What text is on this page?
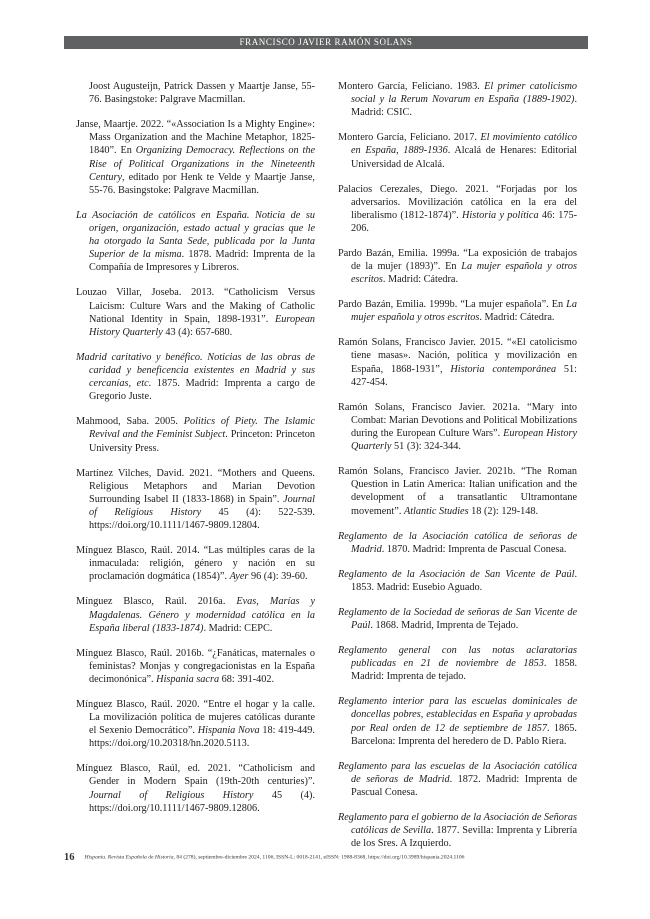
FRANCISCO JAVIER RAMÓN SOLANS

Joost Augusteijn, Patrick Dassen y Maartje Janse, 55-76. Basingstoke: Palgrave Macmillan.

Janse, Maartje. 2022. “«Association Is a Mighty Engine»: Mass Organization and the Machine Metaphor, 1825-1840”. En Organizing Democracy. Reflections on the Rise of Political Organizations in the Nineteenth Century, editado por Henk te Velde y Maartje Janse, 55-76. Basingstoke: Palgrave Macmillan.

La Asociación de católicos en España. Noticia de su origen, organización, estado actual y gracias que le ha otorgado la Santa Sede, publicada por la Junta Superior de la misma. 1878. Madrid: Imprenta de la Compañía de Impresores y Libreros.

Louzao Villar, Joseba. 2013. “Catholicism Versus Laicism: Culture Wars and the Making of Catholic National Identity in Spain, 1898-1931”. European History Quarterly 43 (4): 657-680.

Madrid caritativo y benéfico. Noticias de las obras de caridad y beneficencia existentes en Madrid y sus cercanías, etc. 1875. Madrid: Imprenta a cargo de Gregorio Juste.

Mahmood, Saba. 2005. Politics of Piety. The Islamic Revival and the Feminist Subject. Princeton: Princeton University Press.

Martínez Vilches, David. 2021. “Mothers and Queens. Religious Metaphors and Marian Devotion Surrounding Isabel II (1833-1868) in Spain”. Journal of Religious History 45 (4): 522-539. https://doi.org/10.1111/1467-9809.12804.

Mínguez Blasco, Raúl. 2014. “Las múltiples caras de la inmaculada: religión, género y nación en su proclamación dogmática (1854)”. Ayer 96 (4): 39-60.

Mínguez Blasco, Raúl. 2016a. Evas, Marías y Magdalenas. Género y modernidad católica en la España liberal (1833-1874). Madrid: CEPC.

Mínguez Blasco, Raúl. 2016b. “¿Fanáticas, maternales o feministas? Monjas y congregacionistas en la España decimonónica”. Hispania sacra 68: 391-402.

Mínguez Blasco, Raúl. 2020. “Entre el hogar y la calle. La movilización política de mujeres católicas durante el Sexenio Democrático”. Hispania Nova 18: 419-449. https://doi.org/10.20318/hn.2020.5113.

Mínguez Blasco, Raúl, ed. 2021. “Catholicism and Gender in Modern Spain (19th-20th centuries)”. Journal of Religious History 45 (4). https://doi.org/10.1111/1467-9809.12806.

Montero García, Feliciano. 1983. El primer catolicismo social y la Rerum Novarum en España (1889-1902). Madrid: CSIC.

Montero García, Feliciano. 2017. El movimiento católico en España, 1889-1936. Alcalá de Henares: Editorial Universidad de Alcalá.

Palacios Cerezales, Diego. 2021. “Forjadas por los adversarios. Movilización católica en la era del liberalismo (1812-1874)”. Historia y política 46: 175-206.

Pardo Bazán, Emilia. 1999a. “La exposición de trabajos de la mujer (1893)”. En La mujer española y otros escritos. Madrid: Cátedra.

Pardo Bazán, Emilia. 1999b. “La mujer española”. En La mujer española y otros escritos. Madrid: Cátedra.

Ramón Solans, Francisco Javier. 2015. “«El catolicismo tiene masas». Nación, política y movilización en España, 1868-1931”, Historia contemporánea 51: 427-454.

Ramón Solans, Francisco Javier. 2021a. “Mary into Combat: Marian Devotions and Political Mobilizations during the European Culture Wars”. European History Quarterly 51 (3): 324-344.

Ramón Solans, Francisco Javier. 2021b. “The Roman Question in Latin America: Italian unification and the development of a transatlantic Ultramontane movement”. Atlantic Studies 18 (2): 129-148.

Reglamento de la Asociación católica de señoras de Madrid. 1870. Madrid: Imprenta de Pascual Conesa.

Reglamento de la Asociación de San Vicente de Paúl. 1853. Madrid: Eusebio Aguado.

Reglamento de la Sociedad de señoras de San Vicente de Paúl. 1868. Madrid, Imprenta de Tejado.

Reglamento general con las notas aclaratorias publicadas en 21 de noviembre de 1853. 1858. Madrid: Imprenta de tejado.

Reglamento interior para las escuelas dominicales de doncellas pobres, establecidas en España y aprobadas por Real orden de 12 de septiembre de 1857. 1865. Barcelona: Imprenta del heredero de D. Pablo Riera.

Reglamento para las escuelas de la Asociación católica de señoras de Madrid. 1872. Madrid: Imprenta de Pascual Conesa.

Reglamento para el gobierno de la Asociación de Señoras católicas de Sevilla. 1877. Sevilla: Imprenta y Librería de los Sres. A Izquierdo.

16 Hispania. Revista Española de Historia, 84 (278), septiembre-diciembre 2024, 1106, ISSN-L: 0018-2141, eISSN: 1988-8368, https://doi.org/10.3989/hispania.2024.1106
